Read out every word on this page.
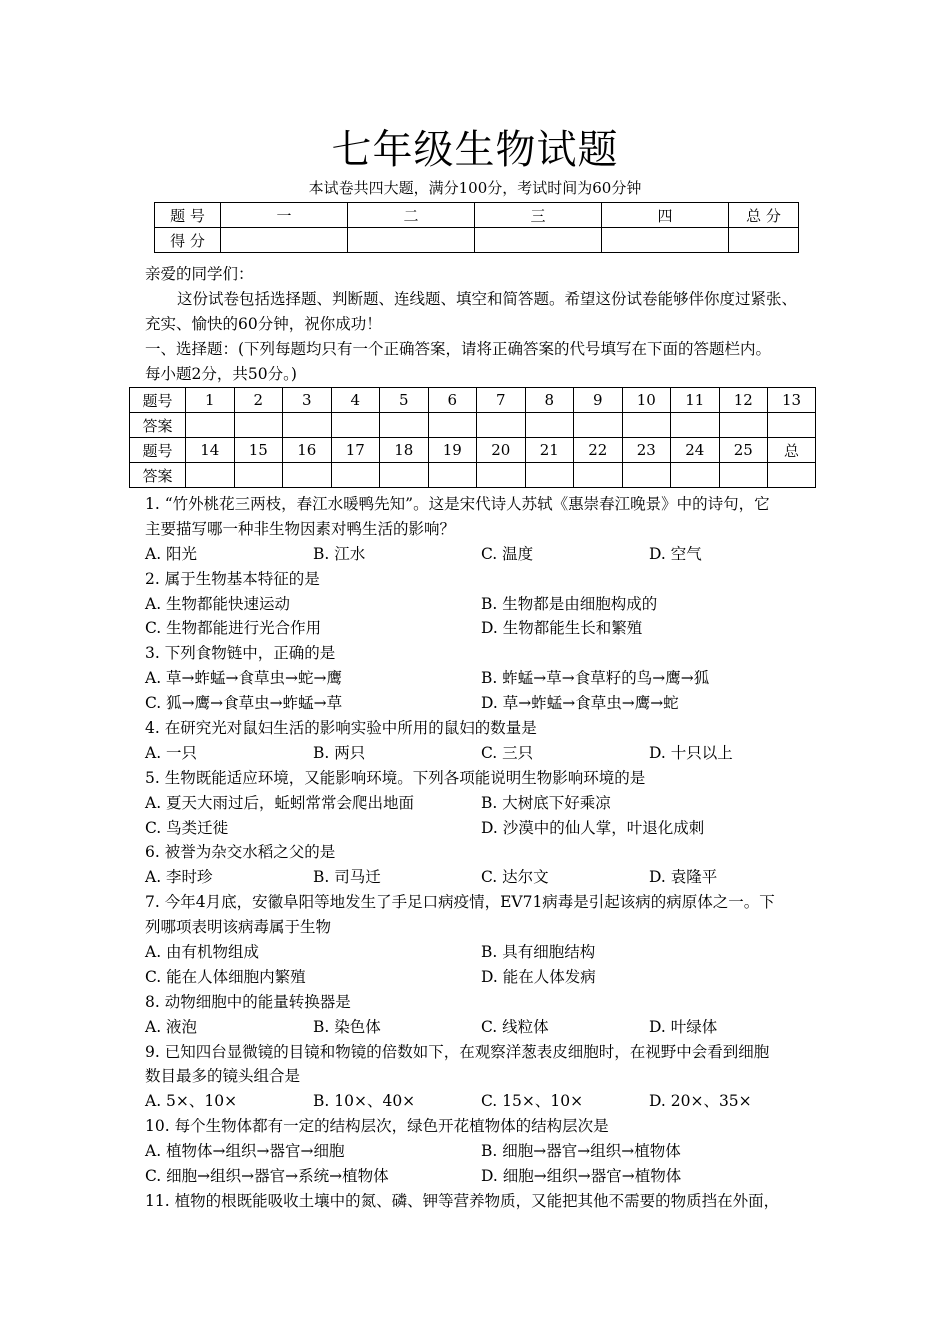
七年级生物试题
本试卷共四大题，满分100分，考试时间为60分钟
题 号	一	二	三	四	总 分
得 分					
亲爱的同学们：
这份试卷包括选择题、判断题、连线题、填空和简答题。希望这份试卷能够伴你度过紧张、
充实、愉快的60分钟，祝你成功！
一、选择题：(下列每题均只有一个正确答案，请将正确答案的代号填写在下面的答题栏内。
每小题2分，共50分。)
题号	1	2	3	4	5	6	7	8	9	10	11	12	13
答案													
题号	14	15	16	17	18	19	20	21	22	23	24	25	总
答案													
1. “竹外桃花三两枝，春江水暖鸭先知”。这是宋代诗人苏轼《惠崇春江晚景》中的诗句，它
主要描写哪一种非生物因素对鸭生活的影响？
A. 阳光	B. 江水	C. 温度	D. 空气
2. 属于生物基本特征的是
A. 生物都能快速运动	B. 生物都是由细胞构成的
C. 生物都能进行光合作用	D. 生物都能生长和繁殖
3. 下列食物链中，正确的是
A. 草→蚱蜢→食草虫→蛇→鹰	B. 蚱蜢→草→食草籽的鸟→鹰→狐
C. 狐→鹰→食草虫→蚱蜢→草	D. 草→蚱蜢→食草虫→鹰→蛇
4. 在研究光对鼠妇生活的影响实验中所用的鼠妇的数量是
A. 一只	B. 两只	C. 三只	D. 十只以上
5. 生物既能适应环境，又能影响环境。下列各项能说明生物影响环境的是
A. 夏天大雨过后，蚯蚓常常会爬出地面	B. 大树底下好乘凉
C. 鸟类迁徙	D. 沙漠中的仙人掌，叶退化成刺
6. 被誉为杂交水稻之父的是
A. 李时珍	B. 司马迁	C. 达尔文	D. 袁隆平
7. 今年4月底，安徽阜阳等地发生了手足口病疫情，EV71病毒是引起该病的病原体之一。下
列哪项表明该病毒属于生物
A. 由有机物组成	B. 具有细胞结构
C. 能在人体细胞内繁殖	D. 能在人体发病
8. 动物细胞中的能量转换器是
A. 液泡	B. 染色体	C. 线粒体	D. 叶绿体
9. 已知四台显微镜的目镜和物镜的倍数如下，在观察洋葱表皮细胞时，在视野中会看到细胞
数目最多的镜头组合是
A. 5×、10×	B. 10×、40×	C. 15×、10×	D. 20×、35×
10. 每个生物体都有一定的结构层次，绿色开花植物体的结构层次是
A. 植物体→组织→器官→细胞	B. 细胞→器官→组织→植物体
C. 细胞→组织→器官→系统→植物体	D. 细胞→组织→器官→植物体
11. 植物的根既能吸收土壤中的氮、磷、钾等营养物质，又能把其他不需要的物质挡在外面，
